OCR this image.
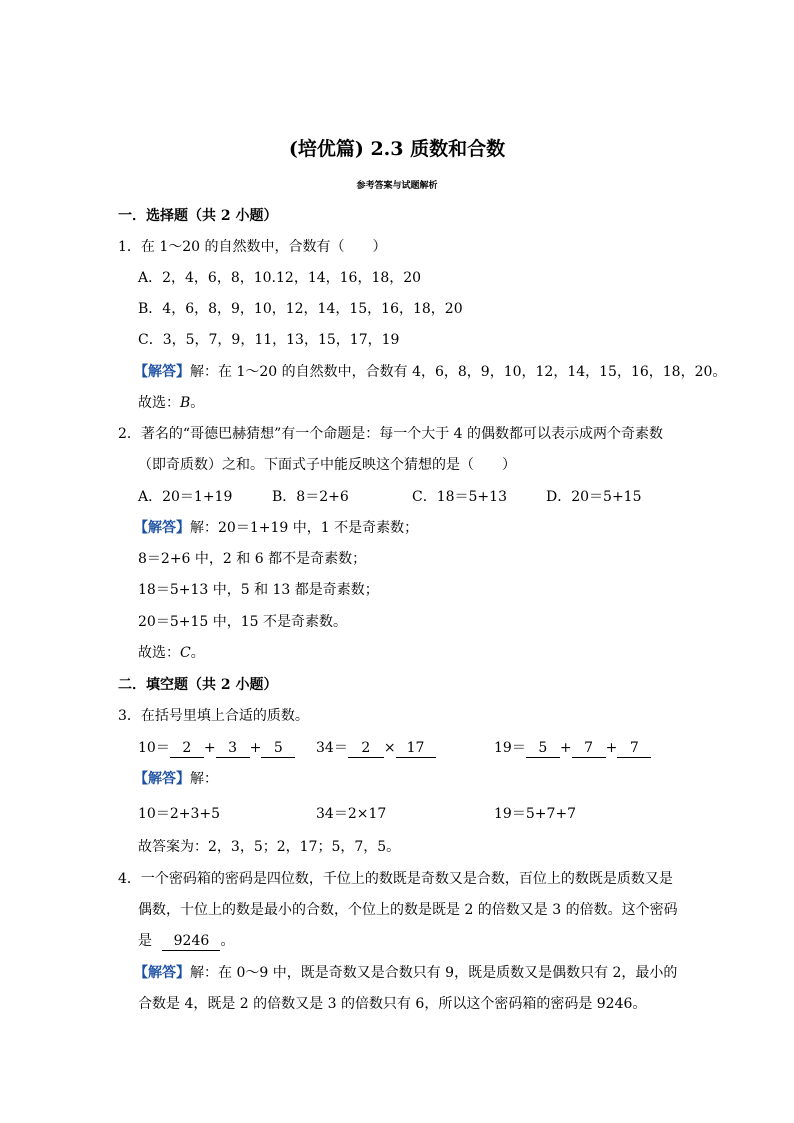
(培优篇) 2.3 质数和合数
参考答案与试题解析
一．选择题（共 2 小题）
1．在 1～20 的自然数中，合数有（　　）
A．2，4，6，8，10.12，14，16，18，20
B．4，6，8，9，10，12，14，15，16，18，20
C．3，5，7，9，11，13，15，17，19
【解答】解：在 1～20 的自然数中，合数有 4，6，8，9，10，12，14，15，16，18，20。
故选：B。
2．著名的“哥德巴赫猜想”有一个命题是：每一个大于 4 的偶数都可以表示成两个奇素数
（即奇质数）之和。下面式子中能反映这个猜想的是（　　）
A．20＝1+19	B．8＝2+6	C．18＝5+13	D．20＝5+15
【解答】解：20＝1+19 中，1 不是奇素数；
8＝2+6 中，2 和 6 都不是奇素数；
18＝5+13 中，5 和 13 都是奇素数；
20＝5+15 中，15 不是奇素数。
故选：C。
二．填空题（共 2 小题）
3．在括号里填上合适的质数。
10＝ 2 + 3 + 5	34＝ 2 × 17	19＝ 5 + 7 + 7
【解答】解：
10＝2+3+5	34＝2×17	19＝5+7+7
故答案为：2，3，5；2，17；5，7，5。
4．一个密码箱的密码是四位数，千位上的数既是奇数又是合数，百位上的数既是质数又是
偶数，十位上的数是最小的合数，个位上的数是既是 2 的倍数又是 3 的倍数。这个密码
是 9246 。
【解答】解：在 0～9 中，既是奇数又是合数只有 9，既是质数又是偶数只有 2，最小的
合数是 4，既是 2 的倍数又是 3 的倍数只有 6，所以这个密码箱的密码是 9246。
